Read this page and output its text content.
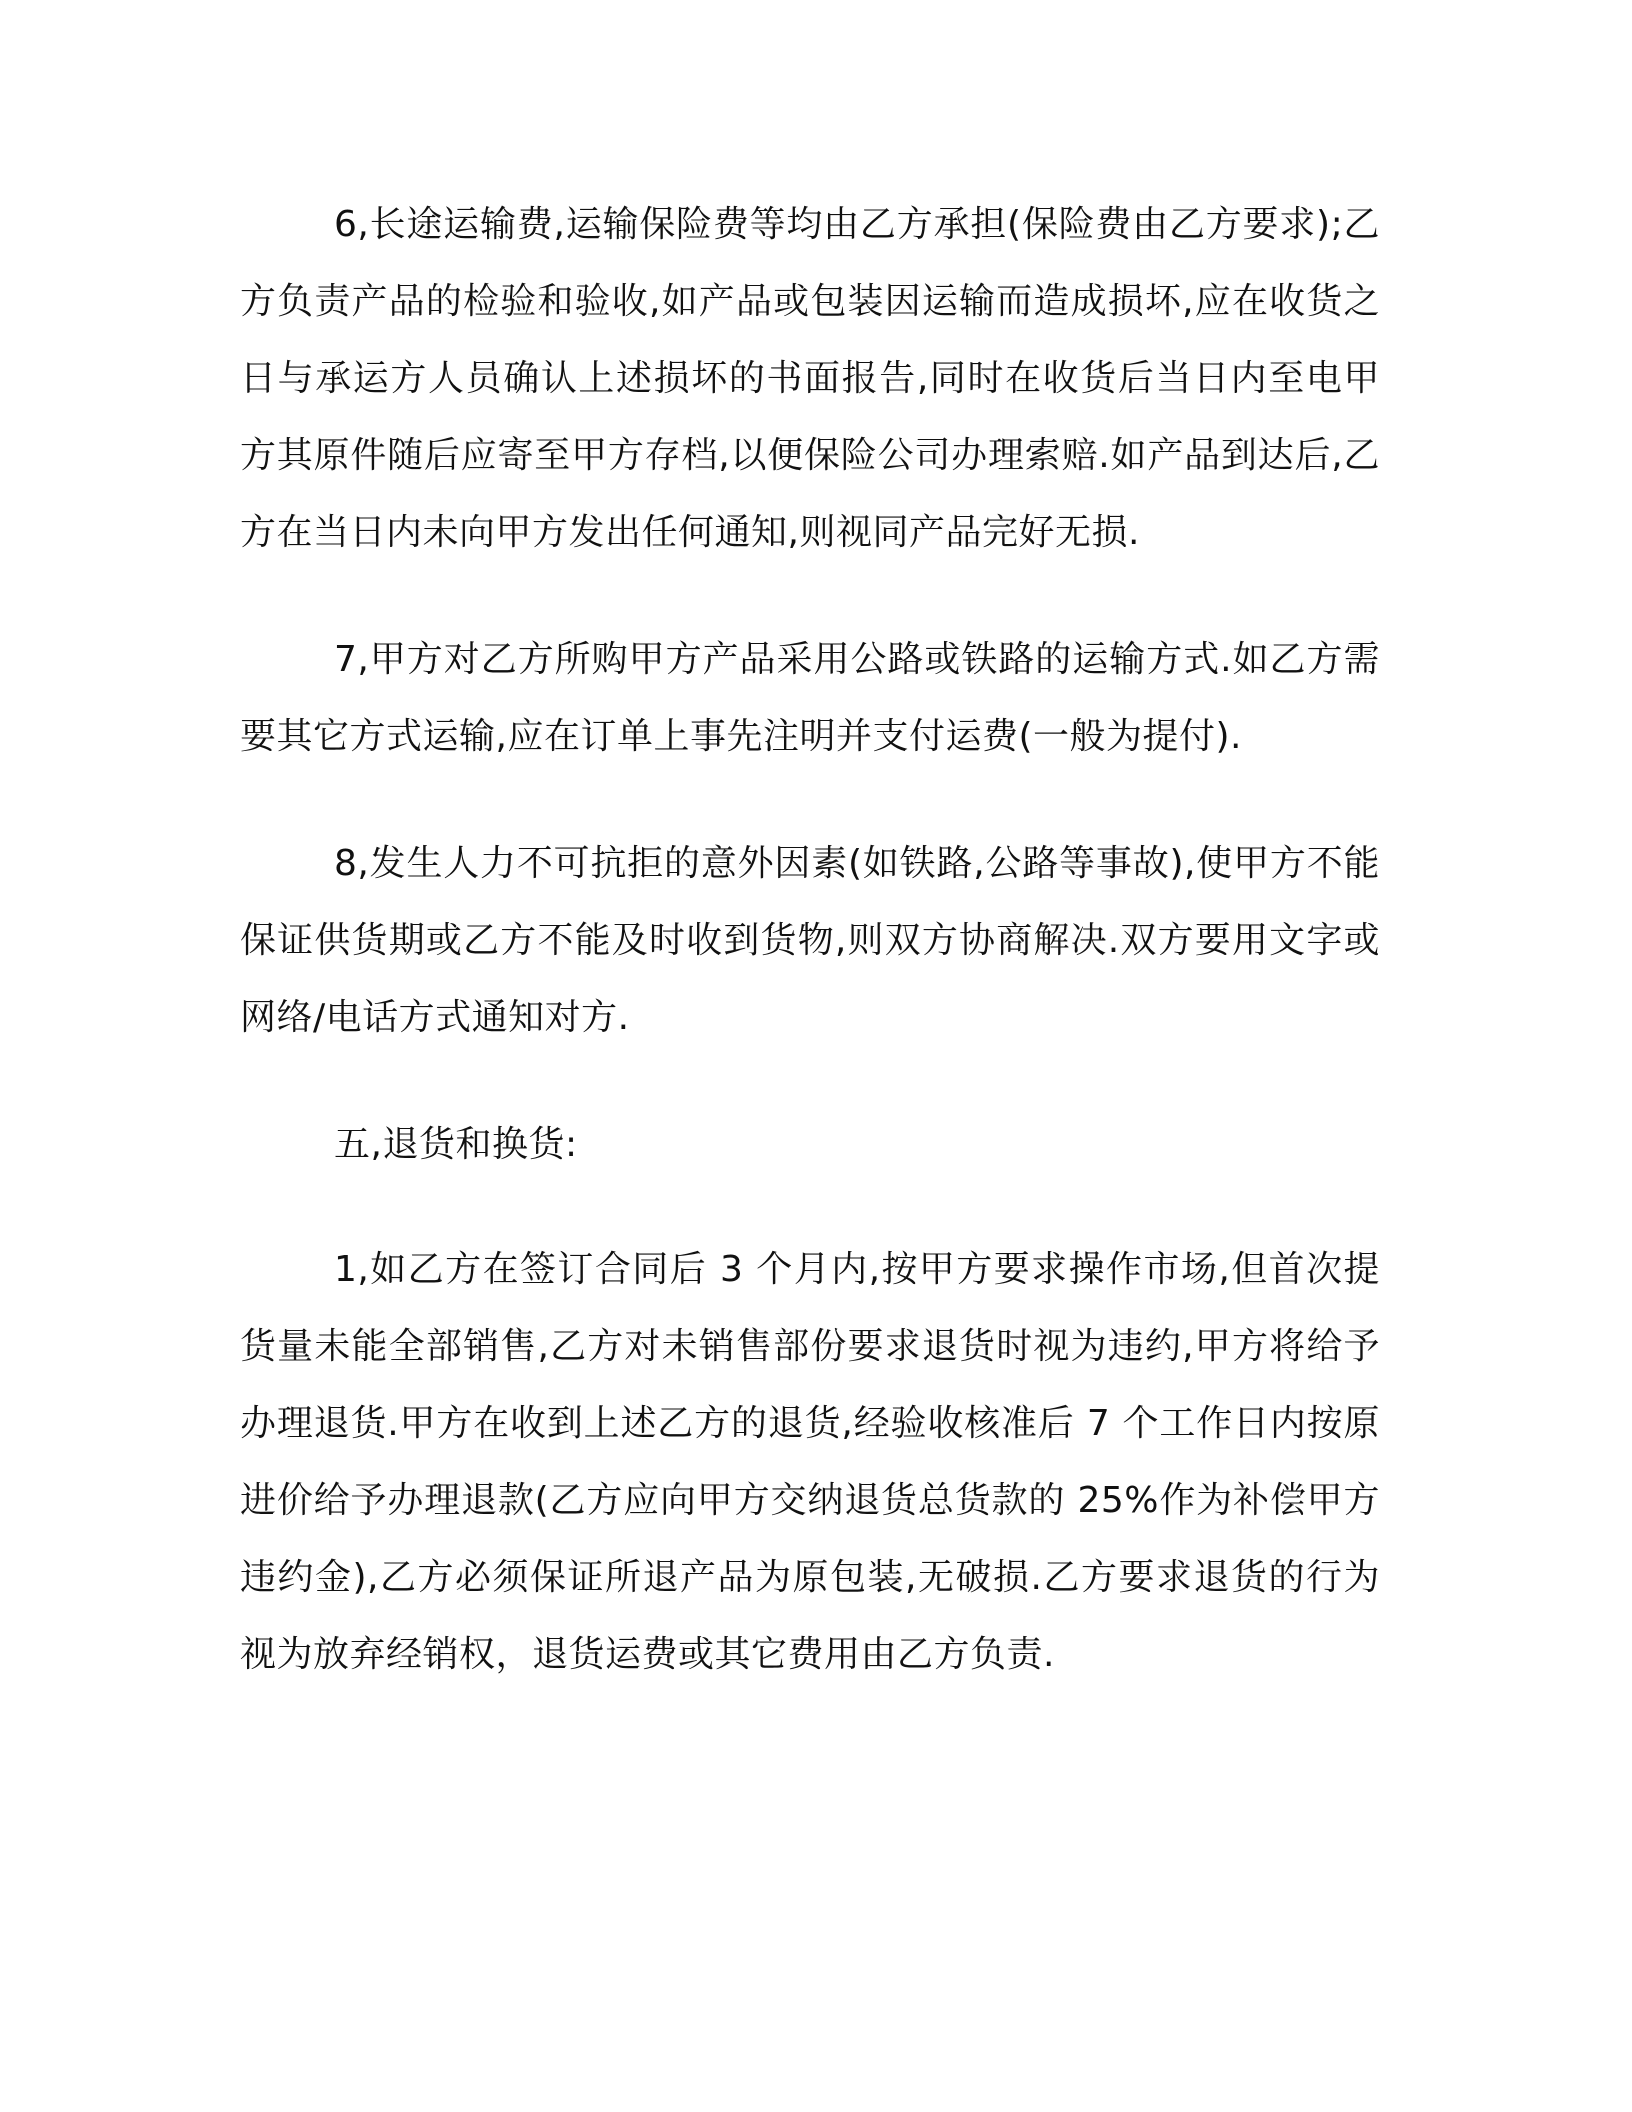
6,长途运输费,运输保险费等均由乙方承担(保险费由乙方要求);乙方负责产品的检验和验收,如产品或包装因运输而造成损坏,应在收货之日与承运方人员确认上述损坏的书面报告,同时在收货后当日内至电甲方其原件随后应寄至甲方存档,以便保险公司办理索赔.如产品到达后,乙方在当日内未向甲方发出任何通知,则视同产品完好无损.

7,甲方对乙方所购甲方产品采用公路或铁路的运输方式.如乙方需要其它方式运输,应在订单上事先注明并支付运费(一般为提付).

8,发生人力不可抗拒的意外因素(如铁路,公路等事故),使甲方不能保证供货期或乙方不能及时收到货物,则双方协商解决.双方要用文字或网络/电话方式通知对方.

五,退货和换货:

1,如乙方在签订合同后 3 个月内,按甲方要求操作市场,但首次提货量未能全部销售,乙方对未销售部份要求退货时视为违约,甲方将给予办理退货.甲方在收到上述乙方的退货,经验收核准后 7 个工作日内按原进价给予办理退款(乙方应向甲方交纳退货总货款的 25%作为补偿甲方违约金),乙方必须保证所退产品为原包装,无破损.乙方要求退货的行为视为放弃经销权，退货运费或其它费用由乙方负责.
